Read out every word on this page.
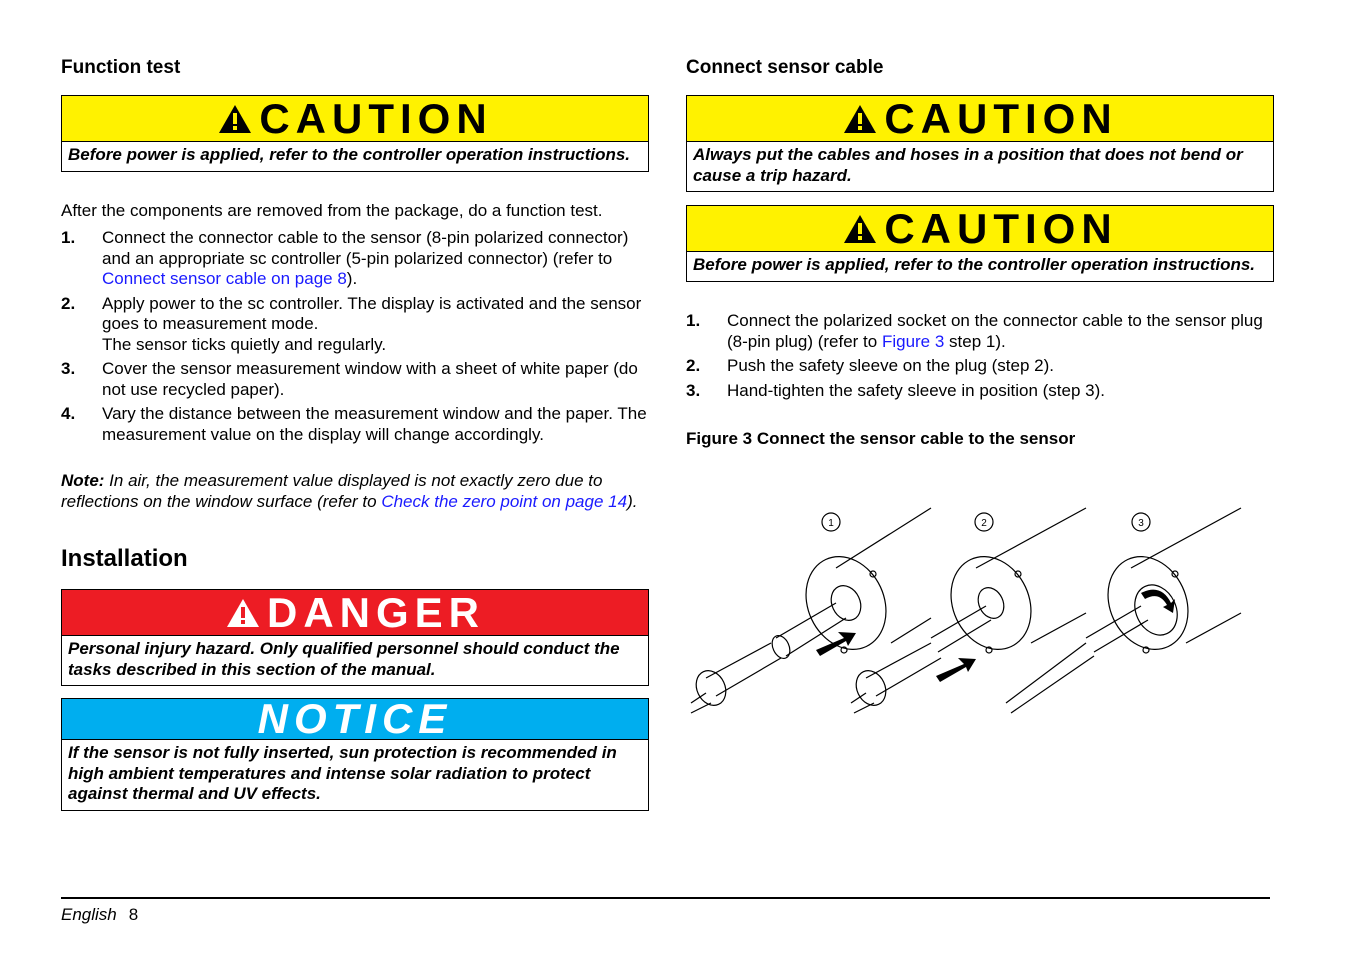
Function test
CAUTION
Before power is applied, refer to the controller operation instructions.

After the components are removed from the package, do a function test.

1. Connect the connector cable to the sensor (8-pin polarized connector) and an appropriate sc controller (5-pin polarized connector) (refer to Connect sensor cable on page 8).
2. Apply power to the sc controller. The display is activated and the sensor goes to measurement mode.
The sensor ticks quietly and regularly.
3. Cover the sensor measurement window with a sheet of white paper (do not use recycled paper).
4. Vary the distance between the measurement window and the paper. The measurement value on the display will change accordingly.

Note: In air, the measurement value displayed is not exactly zero due to reflections on the window surface (refer to Check the zero point on page 14).

Installation
DANGER
Personal injury hazard. Only qualified personnel should conduct the tasks described in this section of the manual.
NOTICE
If the sensor is not fully inserted, sun protection is recommended in high ambient temperatures and intense solar radiation to protect against thermal and UV effects.
Connect sensor cable
CAUTION
Always put the cables and hoses in a position that does not bend or cause a trip hazard.
CAUTION
Before power is applied, refer to the controller operation instructions.
1. Connect the polarized socket on the connector cable to the sensor plug (8-pin plug) (refer to Figure 3 step 1).
2. Push the safety sleeve on the plug (step 2).
3. Hand-tighten the safety sleeve in position (step 3).

Figure 3 Connect the sensor cable to the sensor

1	2	3
English 8
